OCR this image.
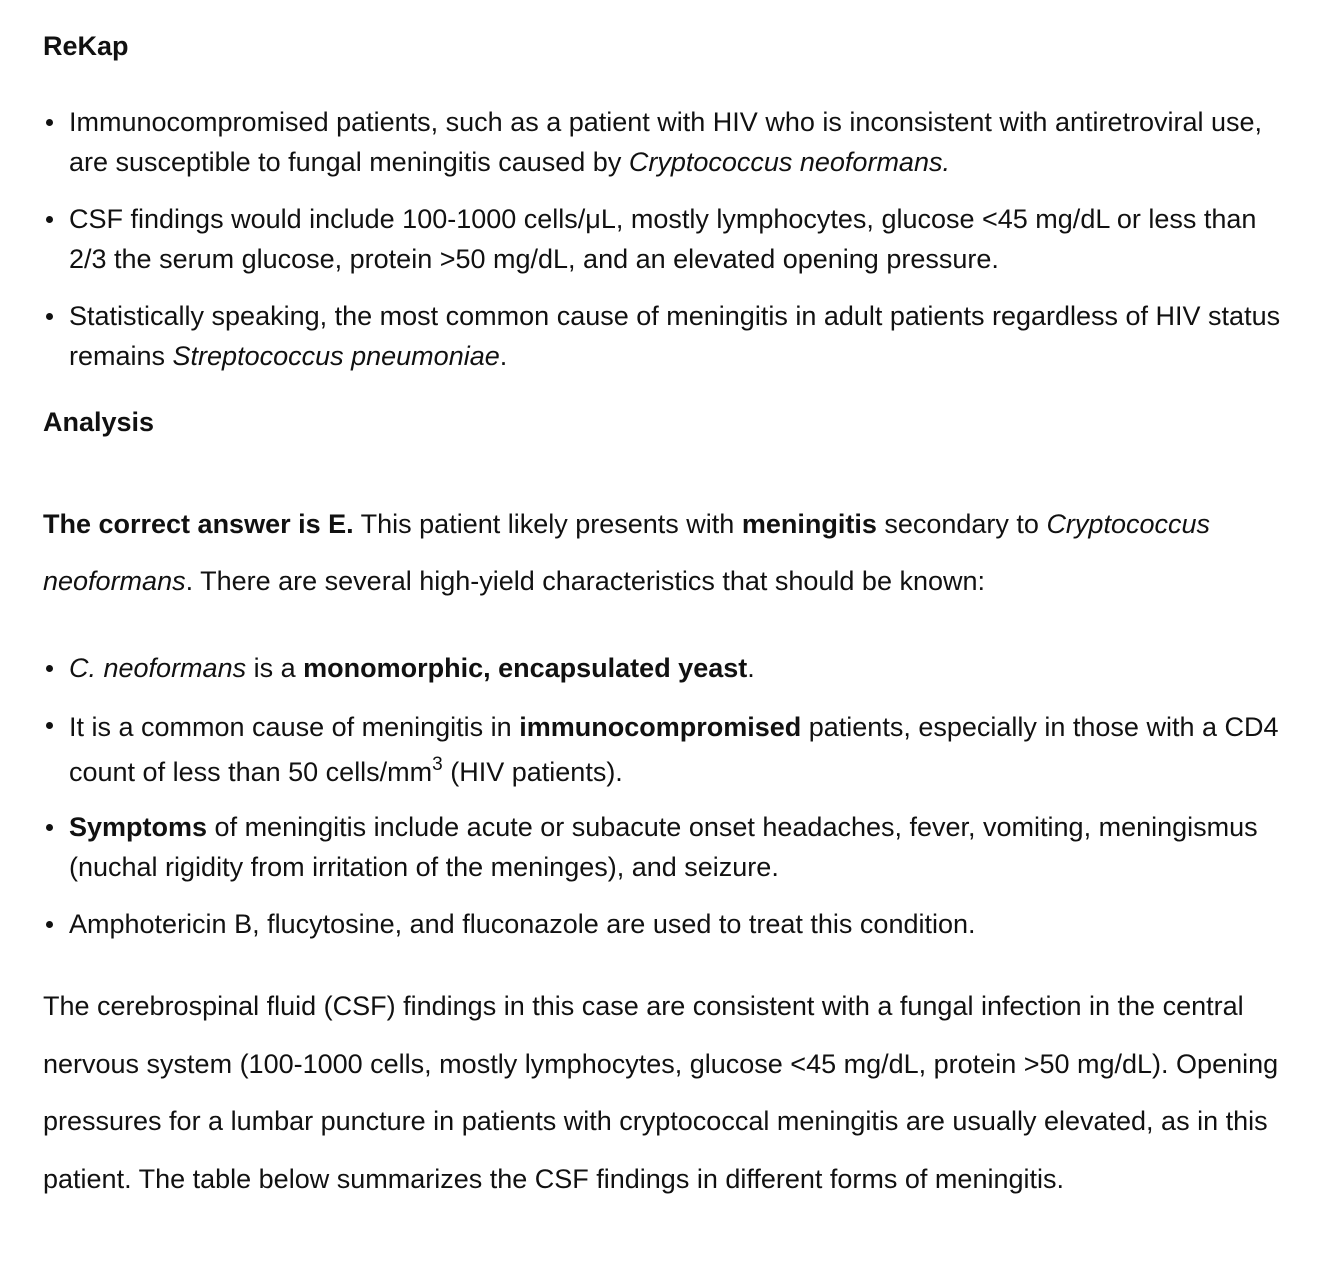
ReKap
Immunocompromised patients, such as a patient with HIV who is inconsistent with antiretroviral use, are susceptible to fungal meningitis caused by Cryptococcus neoformans.
CSF findings would include 100-1000 cells/μL, mostly lymphocytes, glucose <45 mg/dL or less than 2/3 the serum glucose, protein >50 mg/dL, and an elevated opening pressure.
Statistically speaking, the most common cause of meningitis in adult patients regardless of HIV status remains Streptococcus pneumoniae.
Analysis

The correct answer is E. This patient likely presents with meningitis secondary to Cryptococcus neoformans. There are several high-yield characteristics that should be known:

C. neoformans is a monomorphic, encapsulated yeast.
It is a common cause of meningitis in immunocompromised patients, especially in those with a CD4 count of less than 50 cells/$mm^3$ (HIV patients).
Symptoms of meningitis include acute or subacute onset headaches, fever, vomiting, meningismus (nuchal rigidity from irritation of the meninges), and seizure.
Amphotericin B, flucytosine, and fluconazole are used to treat this condition.

The cerebrospinal fluid (CSF) findings in this case are consistent with a fungal infection in the central nervous system (100-1000 cells, mostly lymphocytes, glucose <45 mg/dL, protein >50 mg/dL). Opening pressures for a lumbar puncture in patients with cryptococcal meningitis are usually elevated, as in this patient. The table below summarizes the CSF findings in different forms of meningitis.
